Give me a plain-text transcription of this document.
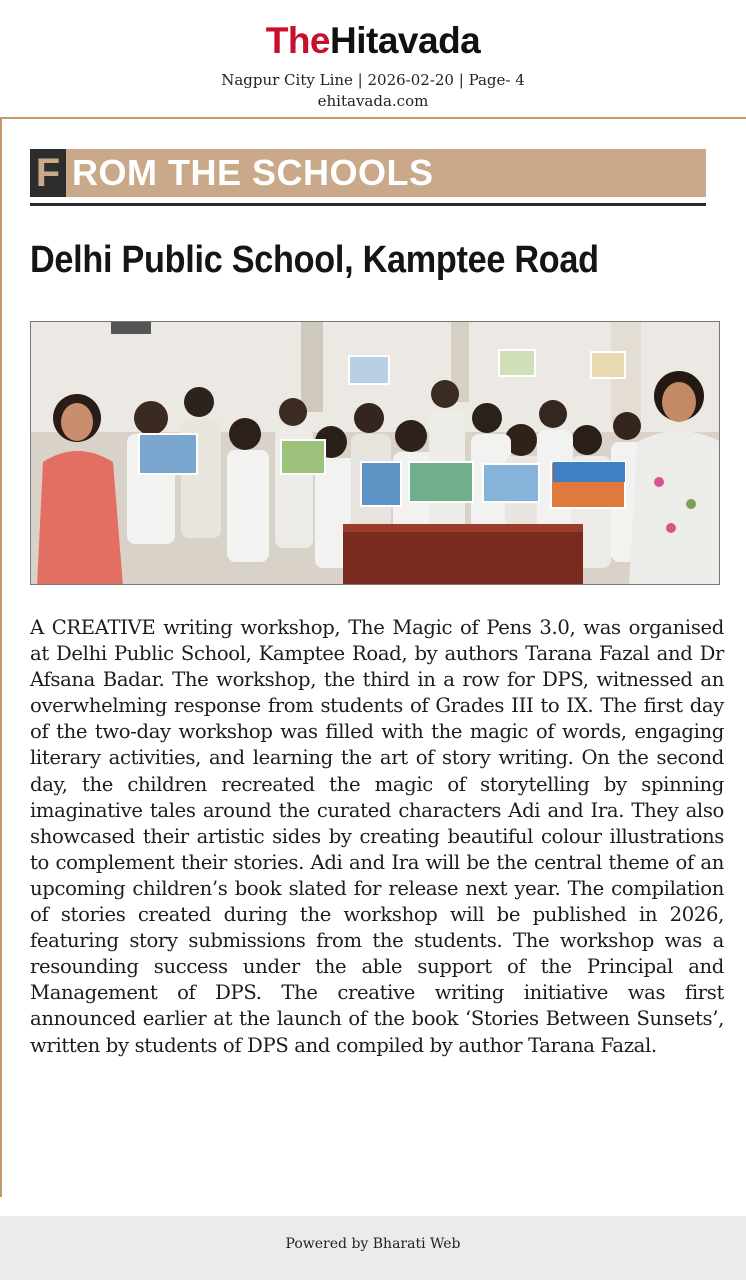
TheHitavada
Nagpur City Line | 2026-02-20 | Page- 4
ehitavada.com
F ROM THE SCHOOLS
Delhi Public School, Kamptee Road
A CREATIVE writing workshop, The Magic of Pens 3.0, was organised at Delhi Public School, Kamptee Road, by authors Tarana Fazal and Dr Afsana Badar. The workshop, the third in a row for DPS, witnessed an overwhelming response from students of Grades III to IX. The first day of the two-day workshop was filled with the magic of words, engaging literary activities, and learning the art of story writing. On the second day, the children recreated the magic of storytelling by spinning imaginative tales around the curated characters Adi and Ira. They also showcased their artistic sides by creating beautiful colour illustrations to complement their stories. Adi and Ira will be the central theme of an upcoming children’s book slated for release next year. The compilation of stories created during the workshop will be published in 2026, featuring story submissions from the students. The workshop was a resounding success under the able support of the Principal and Management of DPS. The creative writing initiative was first announced earlier at the launch of the book ‘Stories Between Sunsets’, written by students of DPS and compiled by author Tarana Fazal.
Powered by Bharati Web
